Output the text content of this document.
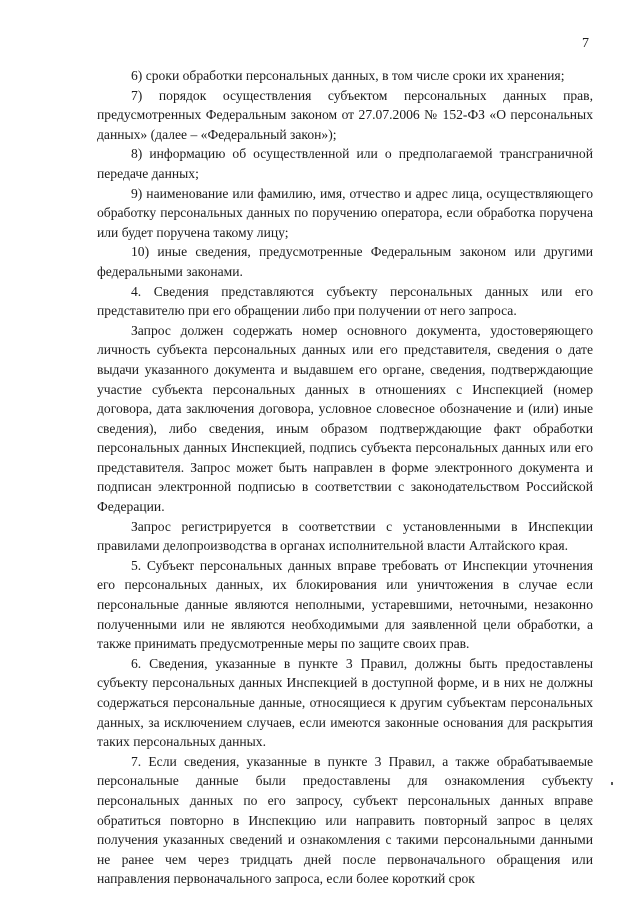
7

6) сроки обработки персональных данных, в том числе сроки их хранения;

7) порядок осуществления субъектом персональных данных прав, предусмотренных Федеральным законом от 27.07.2006 № 152-ФЗ «О персональных данных» (далее – «Федеральный закон»);

8) информацию об осуществленной или о предполагаемой трансграничной передаче данных;

9) наименование или фамилию, имя, отчество и адрес лица, осуществляющего обработку персональных данных по поручению оператора, если обработка поручена или будет поручена такому лицу;

10) иные сведения, предусмотренные Федеральным законом или другими федеральными законами.

4. Сведения представляются субъекту персональных данных или его представителю при его обращении либо при получении от него запроса.

Запрос должен содержать номер основного документа, удостоверяющего личность субъекта персональных данных или его представителя, сведения о дате выдачи указанного документа и выдавшем его органе, сведения, подтверждающие участие субъекта персональных данных в отношениях с Инспекцией (номер договора, дата заключения договора, условное словесное обозначение и (или) иные сведения), либо сведения, иным образом подтверждающие факт обработки персональных данных Инспекцией, подпись субъекта персональных данных или его представителя. Запрос может быть направлен в форме электронного документа и подписан электронной подписью в соответствии с законодательством Российской Федерации.

Запрос регистрируется в соответствии с установленными в Инспекции правилами делопроизводства в органах исполнительной власти Алтайского края.

5. Субъект персональных данных вправе требовать от Инспекции уточнения его персональных данных, их блокирования или уничтожения в случае если персональные данные являются неполными, устаревшими, неточными, незаконно полученными или не являются необходимыми для заявленной цели обработки, а также принимать предусмотренные меры по защите своих прав.

6. Сведения, указанные в пункте 3 Правил, должны быть предоставлены субъекту персональных данных Инспекцией в доступной форме, и в них не должны содержаться персональные данные, относящиеся к другим субъектам персональных данных, за исключением случаев, если имеются законные основания для раскрытия таких персональных данных.

7. Если сведения, указанные в пункте 3 Правил, а также обрабатываемые персональные данные были предоставлены для ознакомления субъекту персональных данных по его запросу, субъект персональных данных вправе обратиться повторно в Инспекцию или направить повторный запрос в целях получения указанных сведений и ознакомления с такими персональными данными не ранее чем через тридцать дней после первоначального обращения или направления первоначального запроса, если более короткий срок
